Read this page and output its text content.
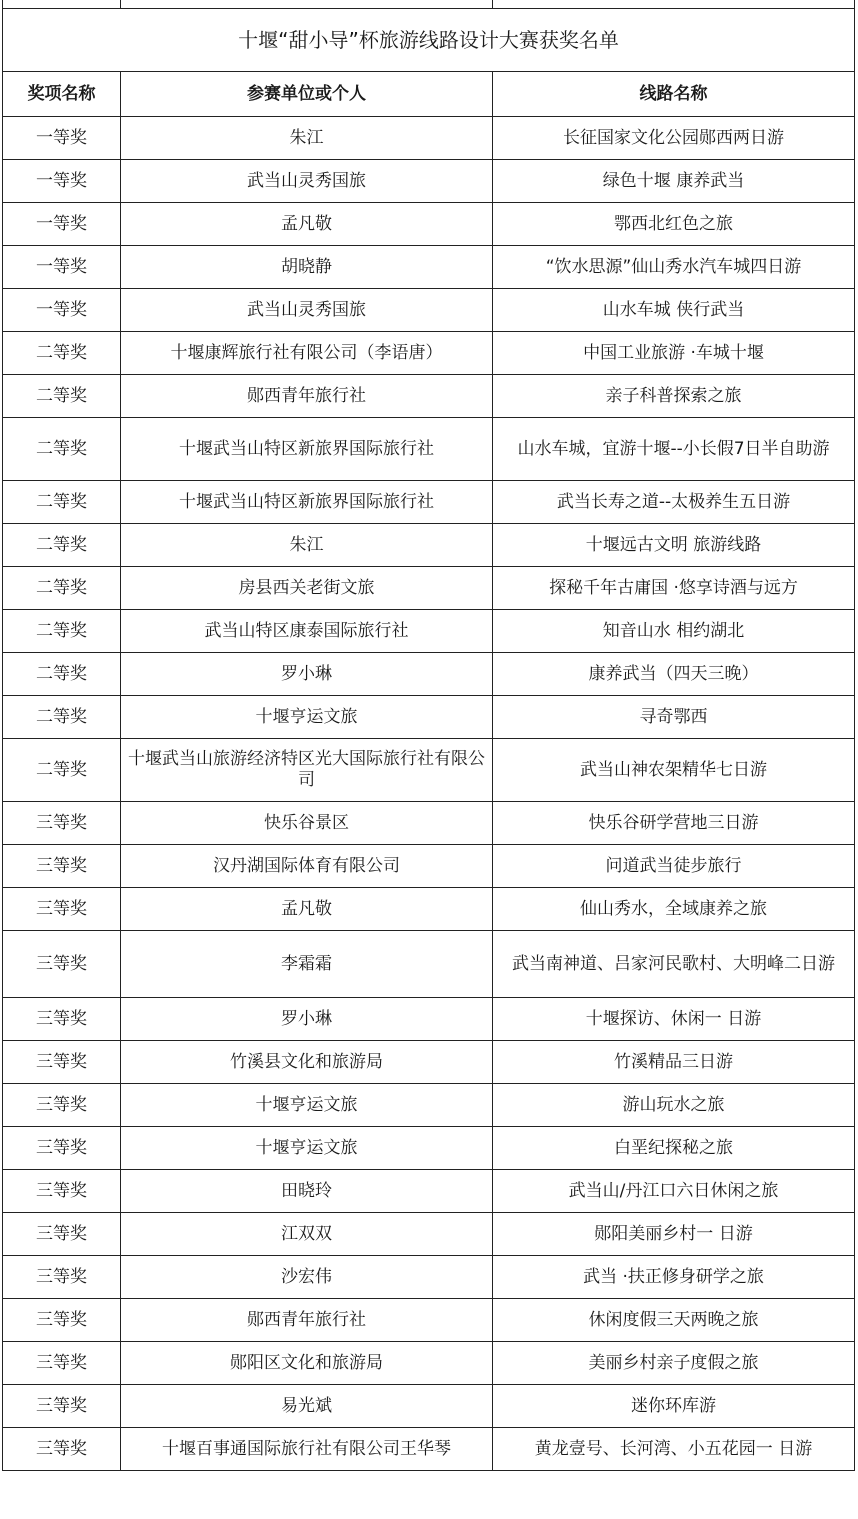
十堰“甜小导”杯旅游线路设计大赛获奖名单		
奖项名称	参赛单位或个人	线路名称
一等奖	朱江	长征国家文化公园郧西两日游
一等奖	武当山灵秀国旅	绿色十堰 康养武当
一等奖	孟凡敬	鄂西北红色之旅
一等奖	胡晓静	“饮水思源”仙山秀水汽车城四日游
一等奖	武当山灵秀国旅	山水车城 侠行武当
二等奖	十堰康辉旅行社有限公司（李语唐）	中国工业旅游 ·车城十堰
二等奖	郧西青年旅行社	亲子科普探索之旅
二等奖	十堰武当山特区新旅界国际旅行社	山水车城，宜游十堰--小长假7日半自助游
二等奖	十堰武当山特区新旅界国际旅行社	武当长寿之道--太极养生五日游
二等奖	朱江	十堰远古文明 旅游线路
二等奖	房县西关老街文旅	探秘千年古庸国 ·悠享诗酒与远方
二等奖	武当山特区康泰国际旅行社	知音山水 相约湖北
二等奖	罗小琳	康养武当（四天三晚）
二等奖	十堰亨运文旅	寻奇鄂西
二等奖	十堰武当山旅游经济特区光大国际旅行社有限公司	武当山神农架精华七日游
三等奖	快乐谷景区	快乐谷研学营地三日游
三等奖	汉丹湖国际体育有限公司	问道武当徒步旅行
三等奖	孟凡敬	仙山秀水，全域康养之旅
三等奖	李霜霜	武当南神道、吕家河民歌村、大明峰二日游
三等奖	罗小琳	十堰探访、休闲一 日游
三等奖	竹溪县文化和旅游局	竹溪精品三日游
三等奖	十堰亨运文旅	游山玩水之旅
三等奖	十堰亨运文旅	白垩纪探秘之旅
三等奖	田晓玲	武当山/丹江口六日休闲之旅
三等奖	江双双	郧阳美丽乡村一 日游
三等奖	沙宏伟	武当 ·扶正修身研学之旅
三等奖	郧西青年旅行社	休闲度假三天两晚之旅
三等奖	郧阳区文化和旅游局	美丽乡村亲子度假之旅
三等奖	易光斌	迷你环库游
三等奖	十堰百事通国际旅行社有限公司王华琴	黄龙壹号、长河湾、小五花园一 日游
